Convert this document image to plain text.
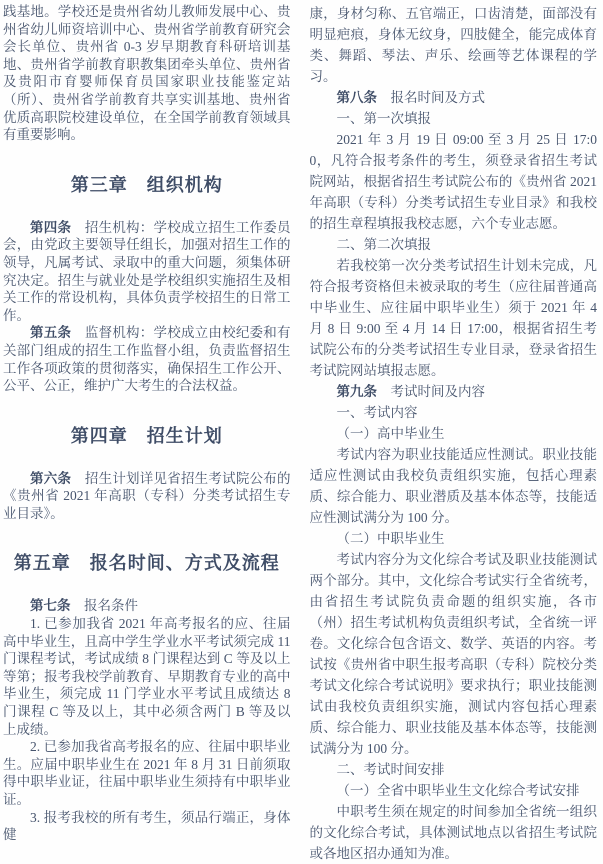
践基地。学校还是贵州省幼儿教师发展中心、贵州省幼儿师资培训中心、贵州省学前教育研究会会长单位、贵州省 0-3 岁早期教育科研培训基地、贵州省学前教育职教集团牵头单位、贵州省及贵阳市育婴师保育员国家职业技能鉴定站（所）、贵州省学前教育共享实训基地、贵州省优质高职院校建设单位，在全国学前教育领域具有重要影响。

第三章　组织机构

第四条　招生机构：学校成立招生工作委员会，由党政主要领导任组长，加强对招生工作的领导，凡属考试、录取中的重大问题，须集体研究决定。招生与就业处是学校组织实施招生及相关工作的常设机构，具体负责学校招生的日常工作。

第五条　监督机构：学校成立由校纪委和有关部门组成的招生工作监督小组，负责监督招生工作各项政策的贯彻落实，确保招生工作公开、公平、公正，维护广大考生的合法权益。

第四章　招生计划

第六条　招生计划详见省招生考试院公布的《贵州省 2021 年高职（专科）分类考试招生专业目录》。

第五章　报名时间、方式及流程

第七条　报名条件

1. 已参加我省 2021 年高考报名的应、往届高中毕业生，且高中学生学业水平考试须完成 11 门课程考试，考试成绩 8 门课程达到 C 等及以上等第；报考我校学前教育、早期教育专业的高中毕业生，须完成 11 门学业水平考试且成绩达 8 门课程 C 等及以上，其中必须含两门 B 等及以上成绩。

2. 已参加我省高考报名的应、往届中职毕业生。应届中职毕业生在 2021 年 8 月 31 日前须取得中职毕业证，往届中职毕业生须持有中职毕业证。

3. 报考我校的所有考生，须品行端正，身体健

康，身材匀称、五官端正，口齿清楚，面部没有明显疤痕，身体无纹身，四肢健全，能完成体育类、舞蹈、琴法、声乐、绘画等艺体课程的学习。

第八条　报名时间及方式

一、第一次填报

2021 年 3 月 19 日 09:00 至 3 月 25 日 17:00，凡符合报考条件的考生，须登录省招生考试院网站，根据省招生考试院公布的《贵州省 2021 年高职（专科）分类考试招生专业目录》和我校的招生章程填报我校志愿，六个专业志愿。

二、第二次填报

若我校第一次分类考试招生计划未完成，凡符合报考资格但未被录取的考生（应往届普通高中毕业生、应往届中职毕业生）须于 2021 年 4 月 8 日 9:00 至 4 月 14 日 17:00，根据省招生考试院公布的分类考试招生专业目录，登录省招生考试院网站填报志愿。

第九条　考试时间及内容

一、考试内容

（一）高中毕业生

考试内容为职业技能适应性测试。职业技能适应性测试由我校负责组织实施，包括心理素质、综合能力、职业潜质及基本体态等，技能适应性测试满分为 100 分。

（二）中职毕业生

考试内容分为文化综合考试及职业技能测试两个部分。其中，文化综合考试实行全省统考，由省招生考试院负责命题的组织实施，各市（州）招生考试机构负责组织考试，全省统一评卷。文化综合包含语文、数学、英语的内容。考试按《贵州省中职生报考高职（专科）院校分类考试文化综合考试说明》要求执行；职业技能测试由我校负责组织实施，测试内容包括心理素质、综合能力、职业技能及基本体态等，技能测试满分为 100 分。

二、考试时间安排

（一）全省中职毕业生文化综合考试安排

中职考生须在规定的时间参加全省统一组织的文化综合考试，具体测试地点以省招生考试院或各地区招办通知为准。
